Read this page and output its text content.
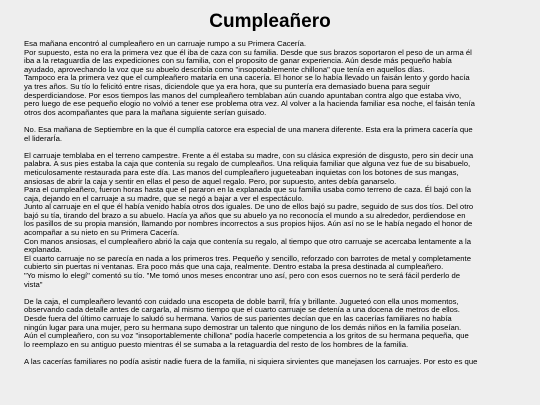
Cumpleañero
Esa mañana encontró al cumpleañero en un carruaje rumpo a su Primera Cacería.
Por supuesto, esta no era la primera vez que él iba de caza con su familia. Desde que sus brazos soportaron el peso de un arma él
iba a la retaguardia de las expediciones con su familia, con el proposito de ganar experiencia. Aún desde más pequeño había
ayudado, aprovechando la voz que su abuelo describía como "insopotablemente chillona" que tenía en aquellos días.
Tampoco era la primera vez que el cumpleañero mataría en una cacería. El honor se lo había llevado un faisán lento y gordo hacía
ya tres años. Su tío lo felicitó entre risas, diciendole que ya era hora, que su puntería era demasiado buena para seguir
desperdiciandose. Por esos tiempos las manos del cumpleañero temblaban aún cuando apuntaban contra algo que estaba vivo,
pero luego de ese pequeño elogio no volvió a tener ese problema otra vez. Al volver a la hacienda familiar esa noche, el faisán tenía
otros dos acompañantes que para la mañana siguiente serían guisado.
No. Esa mañana de Septiembre en la que él cumplía catorce era especial de una manera diferente. Esta era la primera cacería que
el liderarÍa.
El carruaje temblaba en el terreno campestre. Frente a él estaba su madre, con su clásica expresión de disgusto, pero sin decir una
palabra. A sus pies estaba la caja que contenía su regalo de cumpleaños. Una reliquia familiar que alguna vez fue de su bisabuelo,
meticulosamente restaurada para este día. Las manos del cumpleañero jugueteaban inquietas con los botones de sus mangas,
ansiosas de abrir la caja y sentir en ellas el peso de aquel regalo. Pero, por supuesto, antes debía ganarselo.
Para el cumpleañero, fueron horas hasta que el pararon en la explanada que su familia usaba como terreno de caza. Él bajó con la
caja, dejando en el carruaje a su madre, que se negó a bajar a ver el espectáculo.
Junto al carruaje en el que él había venido había otros dos iguales. De uno de ellos bajó su padre, seguido de sus dos tíos. Del otro
bajó su tía, tirando del brazo a su abuelo. Hacía ya años que su abuelo ya no reconocía el mundo a su alrededor, perdiendose en
los pasillos de su propia mansión, llamando por nombres incorrectos a sus propios hijos. Aún así no se le había negado el honor de
acompañar a su nieto en su Primera Cacería.
Con manos ansiosas, el cumpleañero abrió la caja que contenía su regalo, al tiempo que otro carruaje se acercaba lentamente a la
explanada.
El cuarto carruaje no se parecía en nada a los primeros tres. Pequeño y sencillo, reforzado con barrotes de metal y completamente
cubierto sin puertas ni ventanas. Era poco más que una caja, realmente. Dentro estaba la presa destinada al cumpleañero.
"Yo mismo lo elegí" comentó su tío. "Me tomó unos meses encontrar uno así, pero con esos cuernos no te será fácil perderlo de
vista"
De la caja, el cumpleañero levantó con cuidado una escopeta de doble barril, fría y brillante. Jugueteó con ella unos momentos,
observando cada detalle antes de cargarla, al mismo tiempo que el cuarto carruaje se detenía a una docena de metros de ellos.
Desde fuera del último carruaje lo saludó su hermana. Varios de sus parientes decían que en las cacerías familiares no había
ningún lugar para una mujer, pero su hermana supo demostrar un talento que ninguno de los demás niños en la familia poseían.
Aún el cumpleañero, con su voz "insoportablemente chillona" podía hacerle competencia a los gritos de su hermana pequeña, que
lo reemplazo en su antiguo puesto mientras él se sumaba a la retaguardia del resto de los hombres de la familia.
A las cacerías familiares no podía asistir nadie fuera de la familia, ni siquiera sirvientes que manejasen los carruajes. Por esto es que
